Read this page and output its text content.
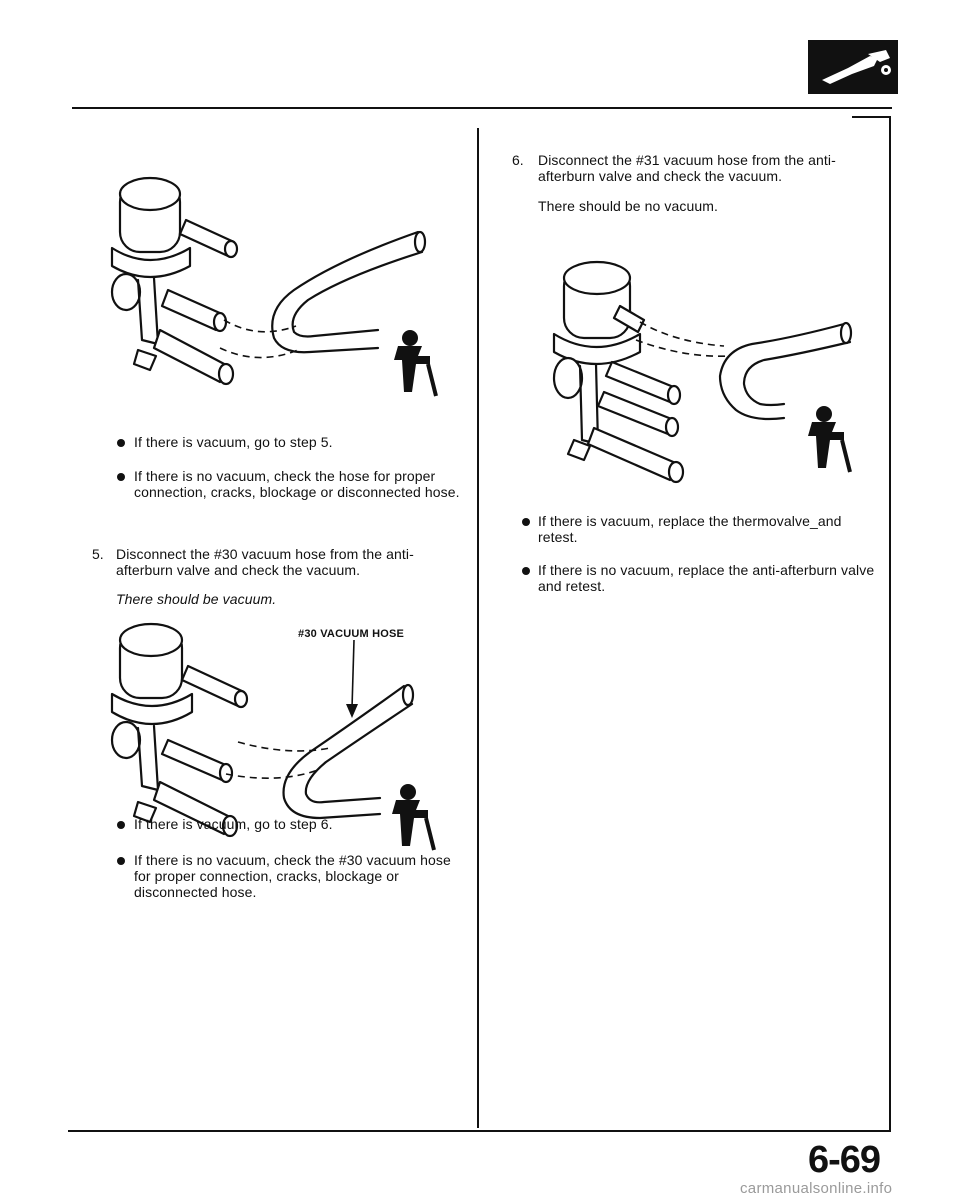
If there is vacuum, go to step 5.
If there is no vacuum, check the hose for proper connection, cracks, blockage or disconnected hose.
5. Disconnect the #30 vacuum hose from the anti-
afterburn valve and check the vacuum.
There should be vacuum.
#30 VACUUM HOSE
If there is vacuum, go to step 6.
If there is no vacuum, check the #30 vacuum hose for proper connection, cracks, blockage or disconnected hose.
6. Disconnect the #31 vacuum hose from the anti-
afterburn valve and check the vacuum.
There should be no vacuum.
If there is vacuum, replace the thermovalve_and retest.
If there is no vacuum, replace the anti-afterburn valve and retest.
6-69
carmanualsonline.info
